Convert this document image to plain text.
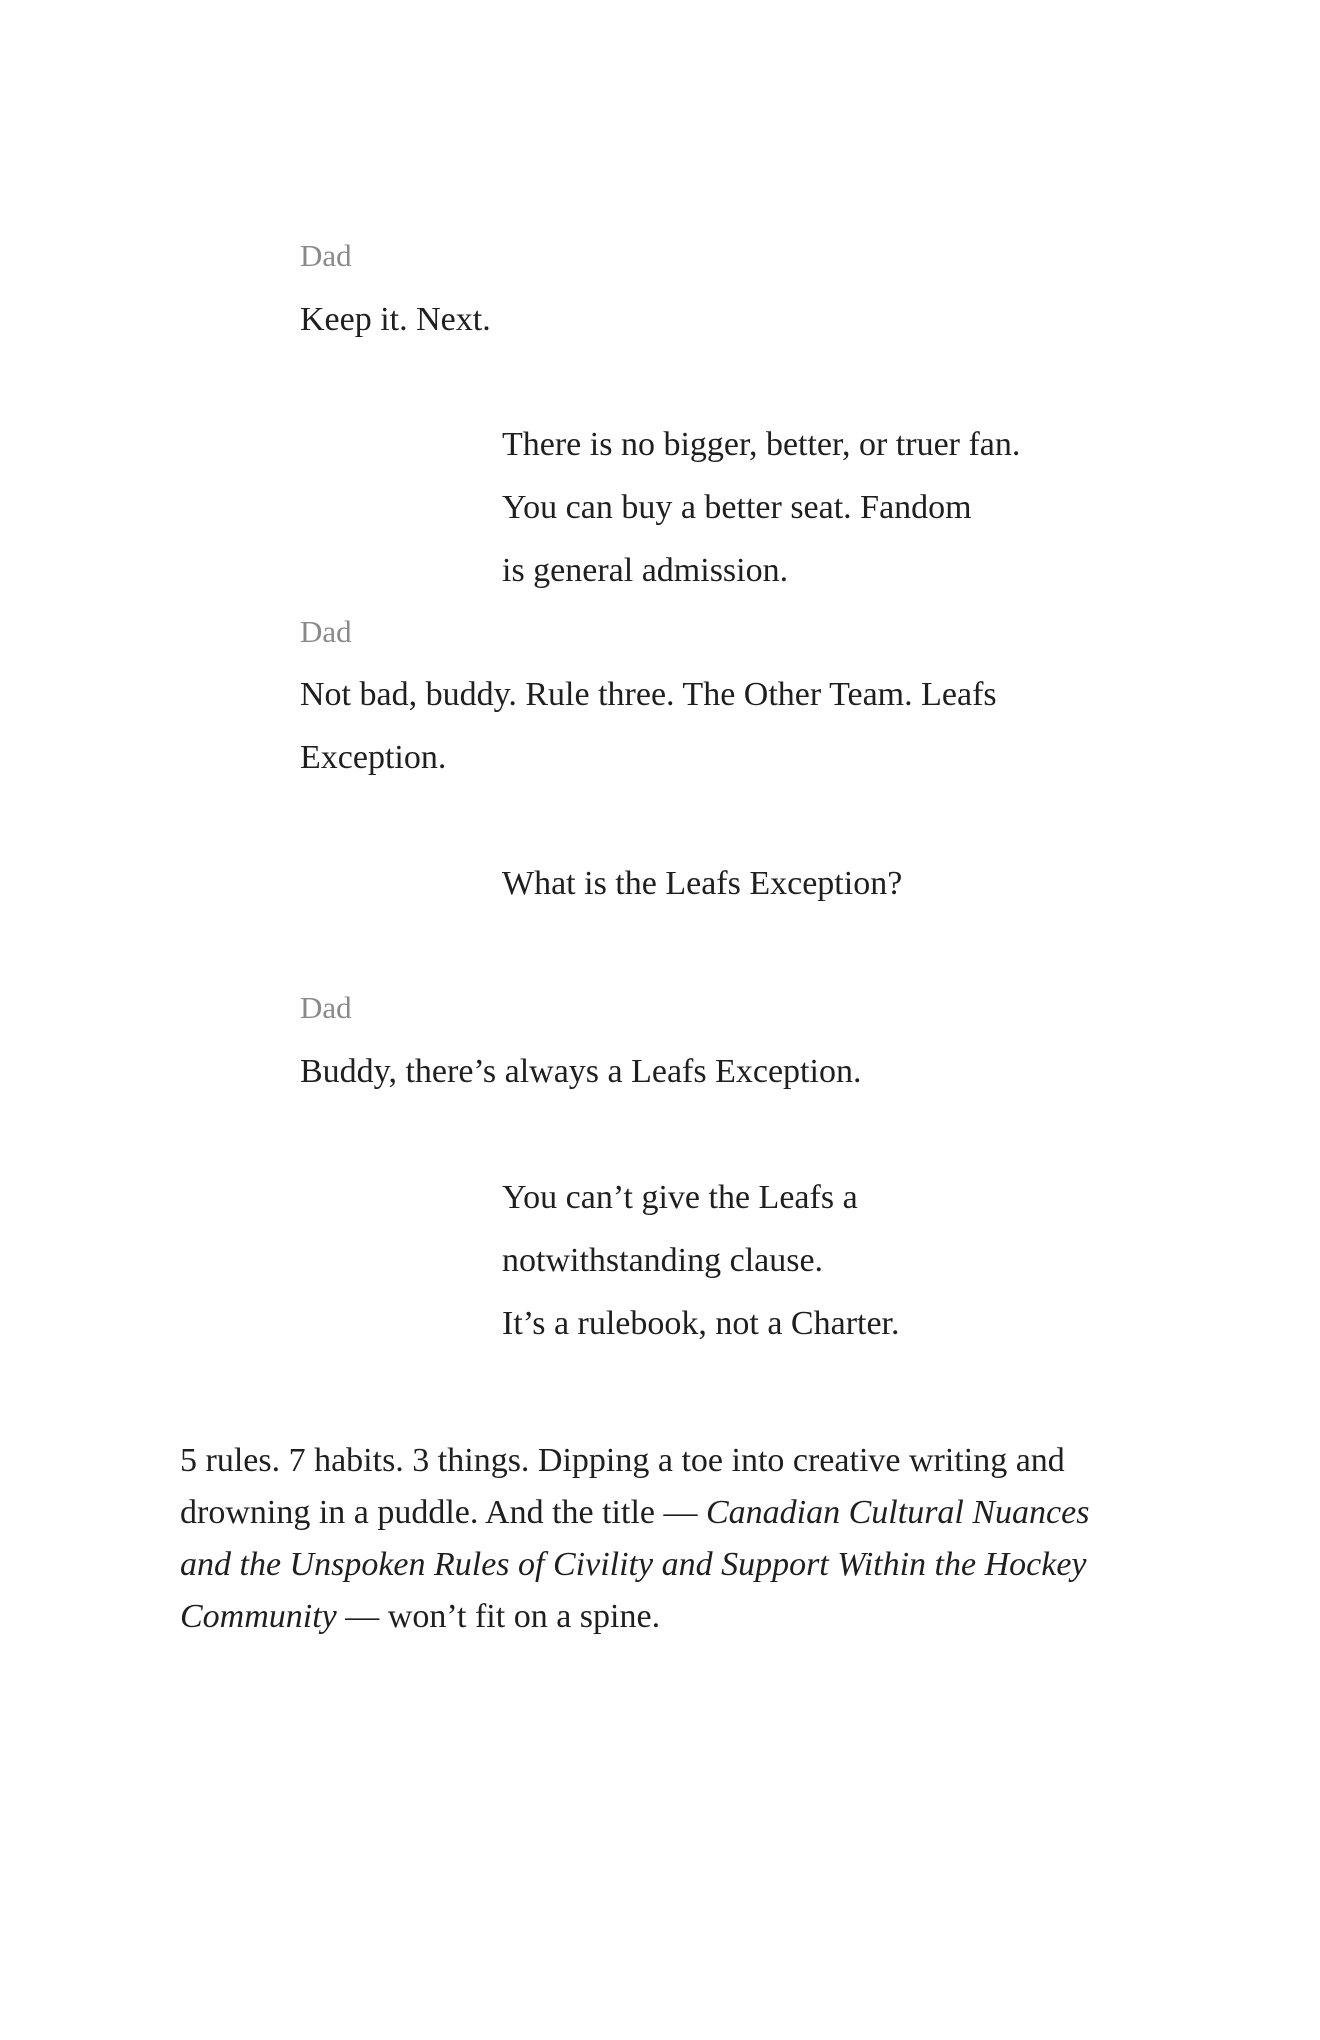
Dad

Keep it. Next.

There is no bigger, better, or truer fan.

You can buy a better seat. Fandom

is general admission.

Dad

Not bad, buddy. Rule three. The Other Team. Leafs

Exception.

What is the Leafs Exception?

Dad

Buddy, there’s always a Leafs Exception.

You can’t give the Leafs a

notwithstanding clause.

It’s a rulebook, not a Charter.

5 rules. 7 habits. 3 things. Dipping a toe into creative writing and drowning in a puddle. And the title — Canadian Cultural Nuances and the Unspoken Rules of Civility and Support Within the Hockey Community — won’t fit on a spine.
